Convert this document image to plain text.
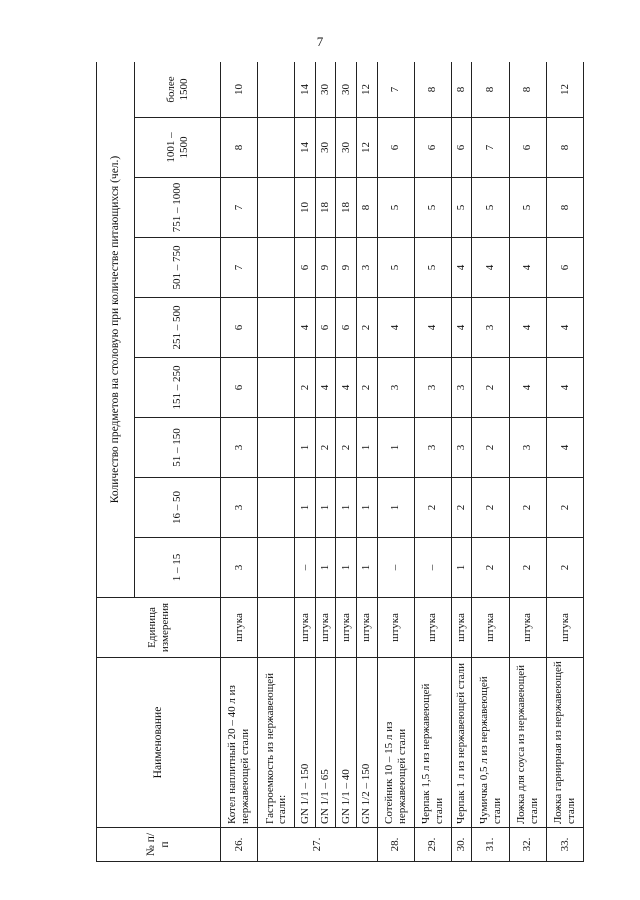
7
№ п/п	Наименование	Единица измерения	Количество предметов на столовую при количестве питающихся (чел.)								
			1 – 15	16 – 50	51 – 150	151 – 250	251 – 500	501 – 750	751 – 1000	1001 – 1500	более 1500
26.	Котел наплитный 20 – 40 л из нержавеющей стали	штука	3	3	3	6	6	7	7	8	10
27.	Гастроемкость из нержавеющей стали:										
	GN 1/1 – 150	штука	–	1	1	2	4	6	10	14	14
	GN 1/1 – 65	штука	1	1	2	4	6	9	18	30	30
	GN 1/1 – 40	штука	1	1	2	4	6	9	18	30	30
	GN 1/2 – 150	штука	1	1	1	2	2	3	8	12	12
28.	Сотейник 10 – 15 л из нержавеющей стали	штука	–	1	1	3	4	5	5	6	7
29.	Черпак 1,5 л из нержавеющей стали	штука	–	2	3	3	4	5	5	6	8
30.	Черпак 1 л из нержавеющей стали	штука	1	2	3	3	4	4	5	6	8
31.	Чумичка 0,5 л из нержавеющей стали	штука	2	2	2	2	3	4	5	7	8
32.	Ложка для соуса из нержавеющей стали	штука	2	2	3	4	4	4	5	6	8
33.	Ложка гарнирная из нержавеющей стали	штука	2	2	4	4	4	6	8	8	12
